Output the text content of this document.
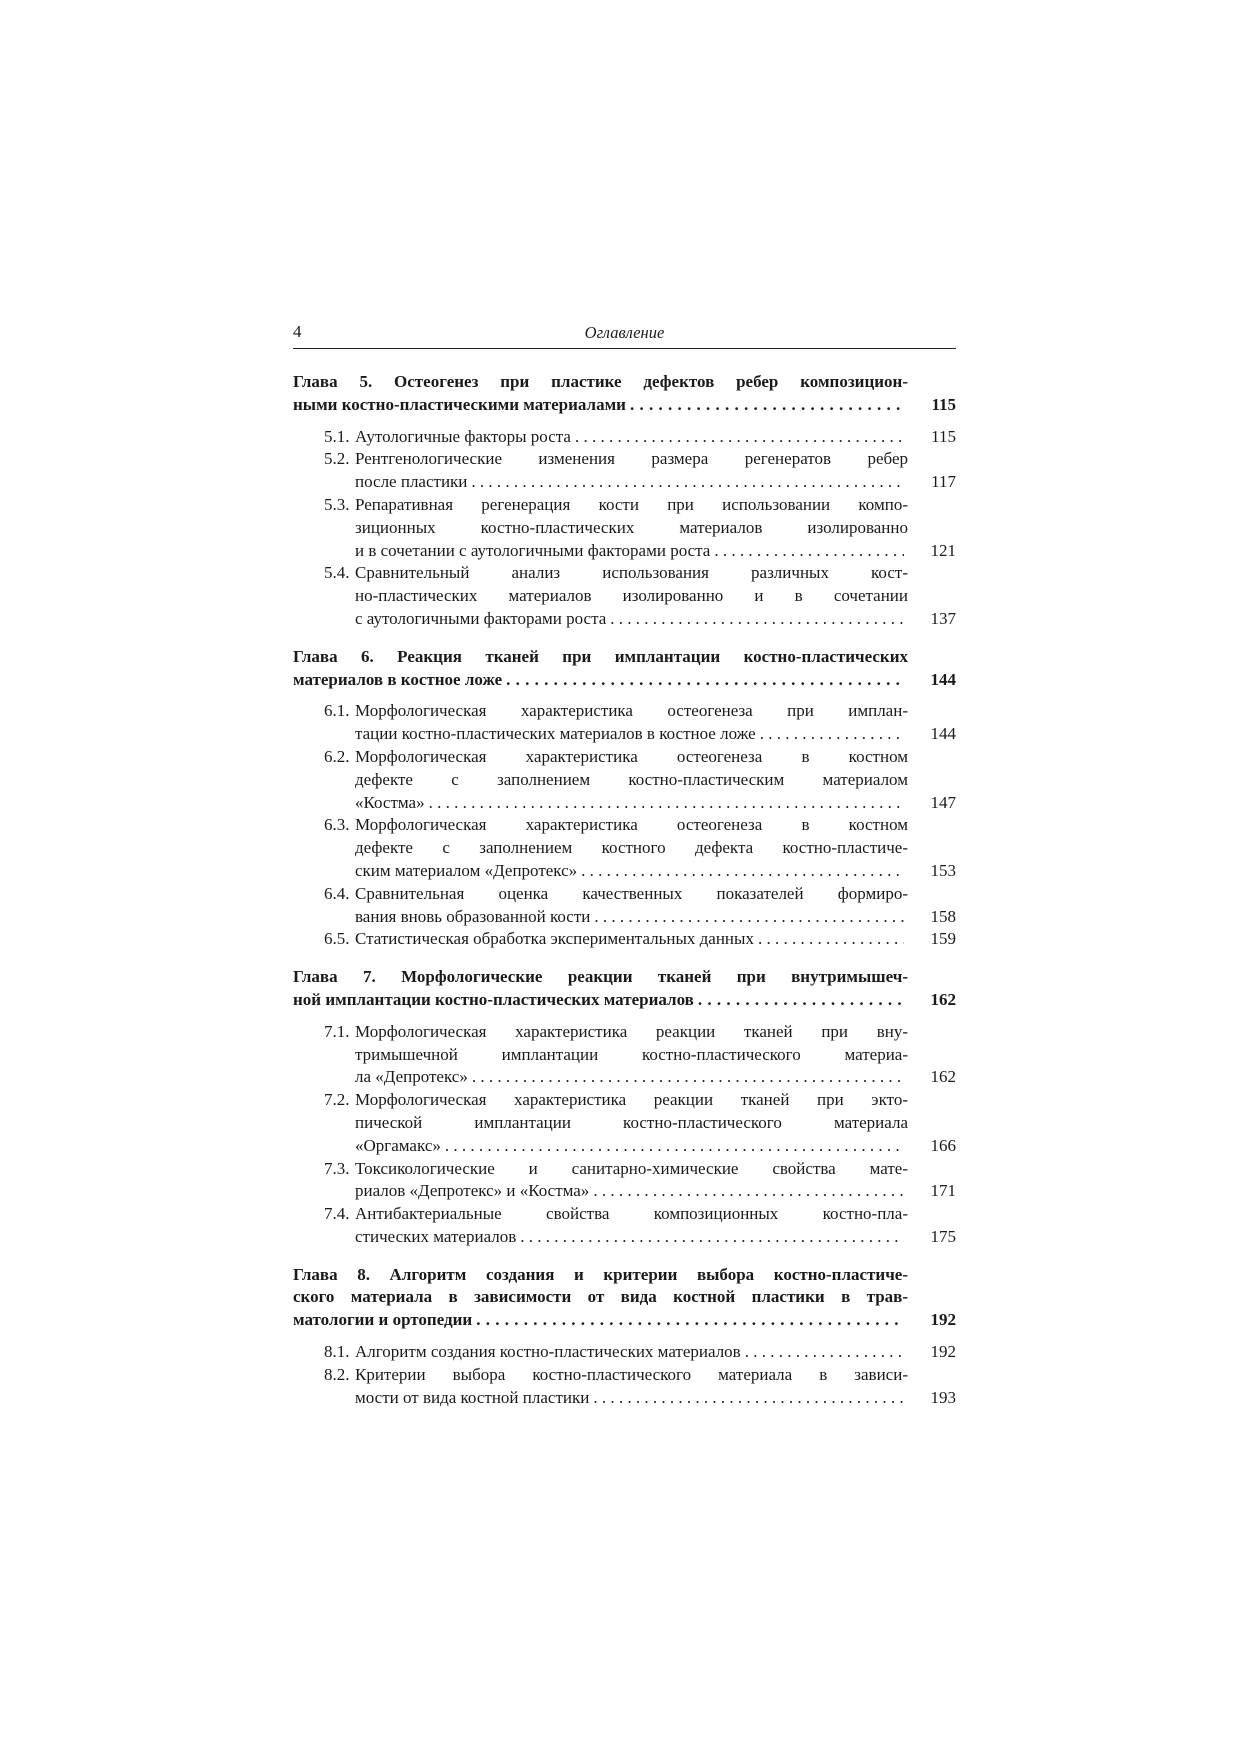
4	Оглавление
Глава 5. Остеогенез при пластике дефектов ребер композицион-
ными костно-пластическими материалами . . .	115
5.1. Аутологичные факторы роста . . .	115
5.2. Рентгенологические изменения размера регенератов ребер
после пластики . . .	117
5.3. Репаративная регенерация кости при использовании компо-
зиционных костно-пластических материалов изолированно
и в сочетании с аутологичными факторами роста . . .	121
5.4. Сравнительный анализ использования различных кост-
но-пластических материалов изолированно и в сочетании
с аутологичными факторами роста . . .	137
Глава 6. Реакция тканей при имплантации костно-пластических
материалов в костное ложе . . .	144
6.1. Морфологическая характеристика остеогенеза при имплан-
тации костно-пластических материалов в костное ложе . . .	144
6.2. Морфологическая характеристика остеогенеза в костном
дефекте с заполнением костно-пластическим материалом
«Костма» . . .	147
6.3. Морфологическая характеристика остеогенеза в костном
дефекте с заполнением костного дефекта костно-пластиче-
ским материалом «Депротекс» . . .	153
6.4. Сравнительная оценка качественных показателей формиро-
вания вновь образованной кости . . .	158
6.5. Статистическая обработка экспериментальных данных . . .	159
Глава 7. Морфологические реакции тканей при внутримышеч-
ной имплантации костно-пластических материалов . . .	162
7.1. Морфологическая характеристика реакции тканей при вну-
тримышечной имплантации костно-пластического материа-
ла «Депротекс» . . .	162
7.2. Морфологическая характеристика реакции тканей при экто-
пической имплантации костно-пластического материала
«Оргамакс» . . .	166
7.3. Токсикологические и санитарно-химические свойства мате-
риалов «Депротекс» и «Костма» . . .	171
7.4. Антибактериальные свойства композиционных костно-пла-
стических материалов . . .	175
Глава 8. Алгоритм создания и критерии выбора костно-пластиче-
ского материала в зависимости от вида костной пластики в трав-
матологии и ортопедии . . .	192
8.1. Алгоритм создания костно-пластических материалов . . .	192
8.2. Критерии выбора костно-пластического материала в зависи-
мости от вида костной пластики . . .	193
